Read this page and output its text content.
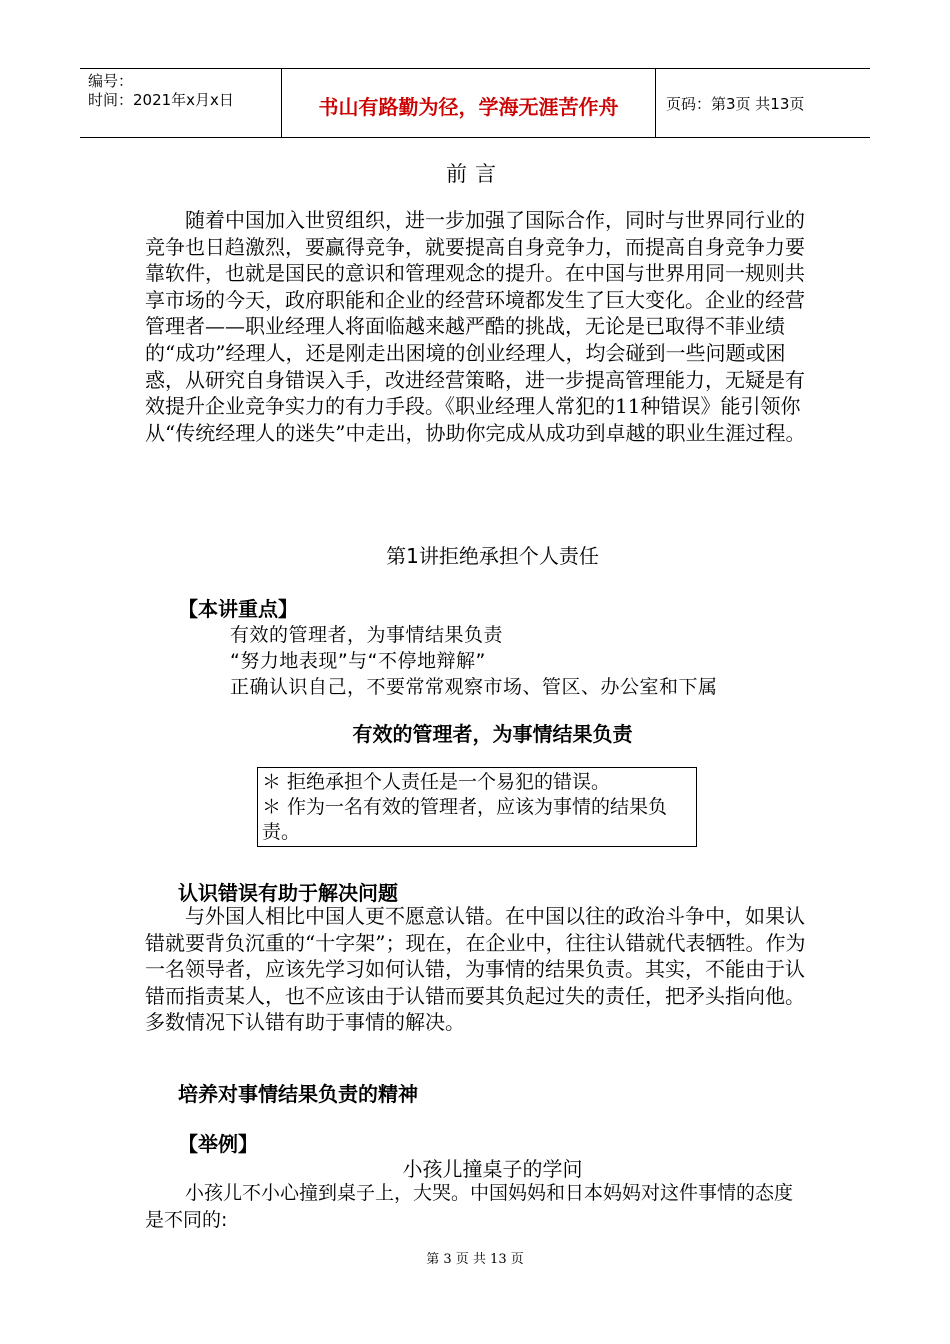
编号：
时间：2021年x月x日	书山有路勤为径，学海无涯苦作舟	页码：第3页 共13页
前言
随着中国加入世贸组织，进一步加强了国际合作，同时与世界同行业的竞争也日趋激烈，要赢得竞争，就要提高自身竞争力，而提高自身竞争力要靠软件，也就是国民的意识和管理观念的提升。在中国与世界用同一规则共享市场的今天，政府职能和企业的经营环境都发生了巨大变化。企业的经营管理者——职业经理人将面临越来越严酷的挑战，无论是已取得不菲业绩的“成功”经理人，还是刚走出困境的创业经理人，均会碰到一些问题或困惑，从研究自身错误入手，改进经营策略，进一步提高管理能力，无疑是有效提升企业竞争实力的有力手段。《职业经理人常犯的11种错误》能引领你从“传统经理人的迷失”中走出，协助你完成从成功到卓越的职业生涯过程。
第1讲拒绝承担个人责任
【本讲重点】
有效的管理者，为事情结果负责
“努力地表现”与“不停地辩解”
正确认识自己，不要常常观察市场、管区、办公室和下属
有效的管理者，为事情结果负责
＊ 拒绝承担个人责任是一个易犯的错误。
＊ 作为一名有效的管理者，应该为事情的结果负责。
认识错误有助于解决问题
与外国人相比中国人更不愿意认错。在中国以往的政治斗争中，如果认错就要背负沉重的“十字架”；现在，在企业中，往往认错就代表牺牲。作为一名领导者，应该先学习如何认错，为事情的结果负责。其实，不能由于认错而指责某人，也不应该由于认错而要其负起过失的责任，把矛头指向他。多数情况下认错有助于事情的解决。
培养对事情结果负责的精神
【举例】
小孩儿撞桌子的学问
小孩儿不小心撞到桌子上，大哭。中国妈妈和日本妈妈对这件事情的态度是不同的:
第 3 页 共 13 页
